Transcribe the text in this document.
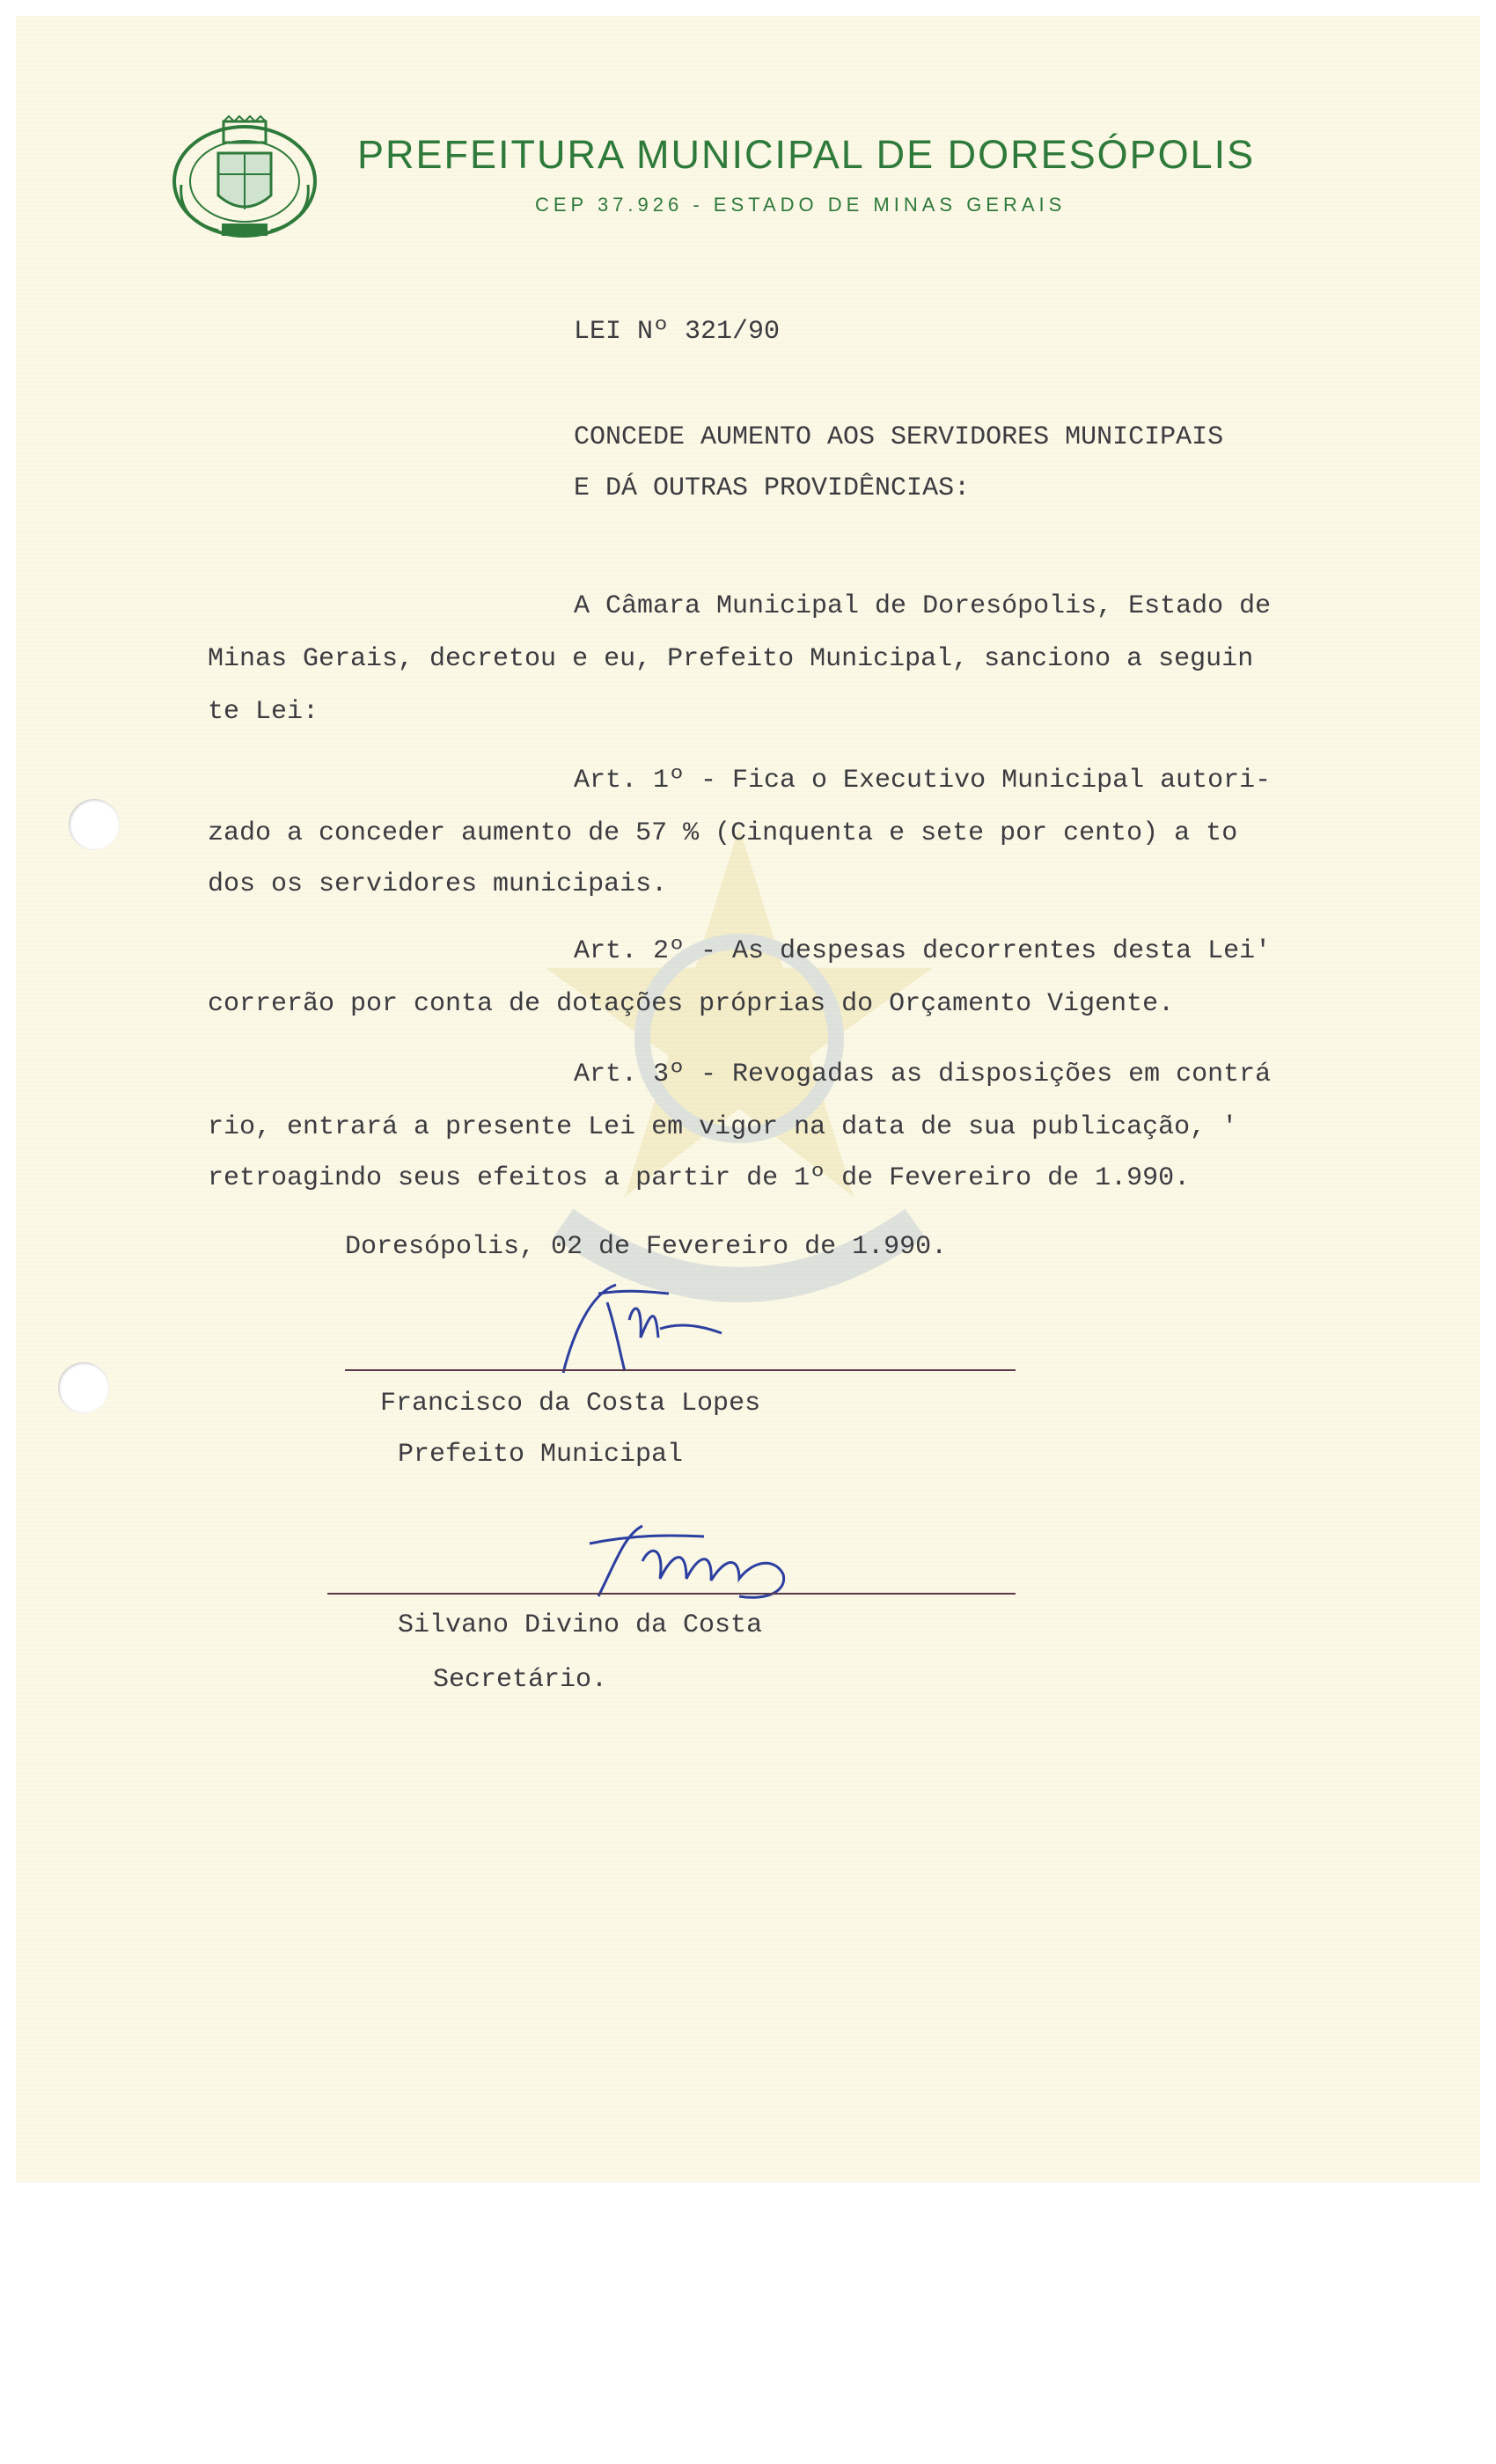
PREFEITURA MUNICIPAL DE DORESÓPOLIS
CEP 37.926 - ESTADO DE MINAS GERAIS
LEI Nº 321/90
CONCEDE AUMENTO AOS SERVIDORES MUNICIPAIS
E DÁ OUTRAS PROVIDÊNCIAS:
A Câmara Municipal de Doresópolis, Estado de
Minas Gerais, decretou e eu, Prefeito Municipal, sanciono a seguin
te Lei:
Art. 1º - Fica o Executivo Municipal autori-
zado a conceder aumento de 57 % (Cinquenta e sete por cento) a to
dos os servidores municipais.
Art. 2º - As despesas decorrentes desta Lei'
correrão por conta de dotações próprias do Orçamento Vigente.
Art. 3º - Revogadas as disposições em contrá
rio, entrará a presente Lei em vigor na data de sua publicação, '
retroagindo seus efeitos a partir de 1º de Fevereiro de 1.990.
Doresópolis, 02 de Fevereiro de 1.990.
Francisco da Costa Lopes
Prefeito Municipal
Silvano Divino da Costa
Secretário.
